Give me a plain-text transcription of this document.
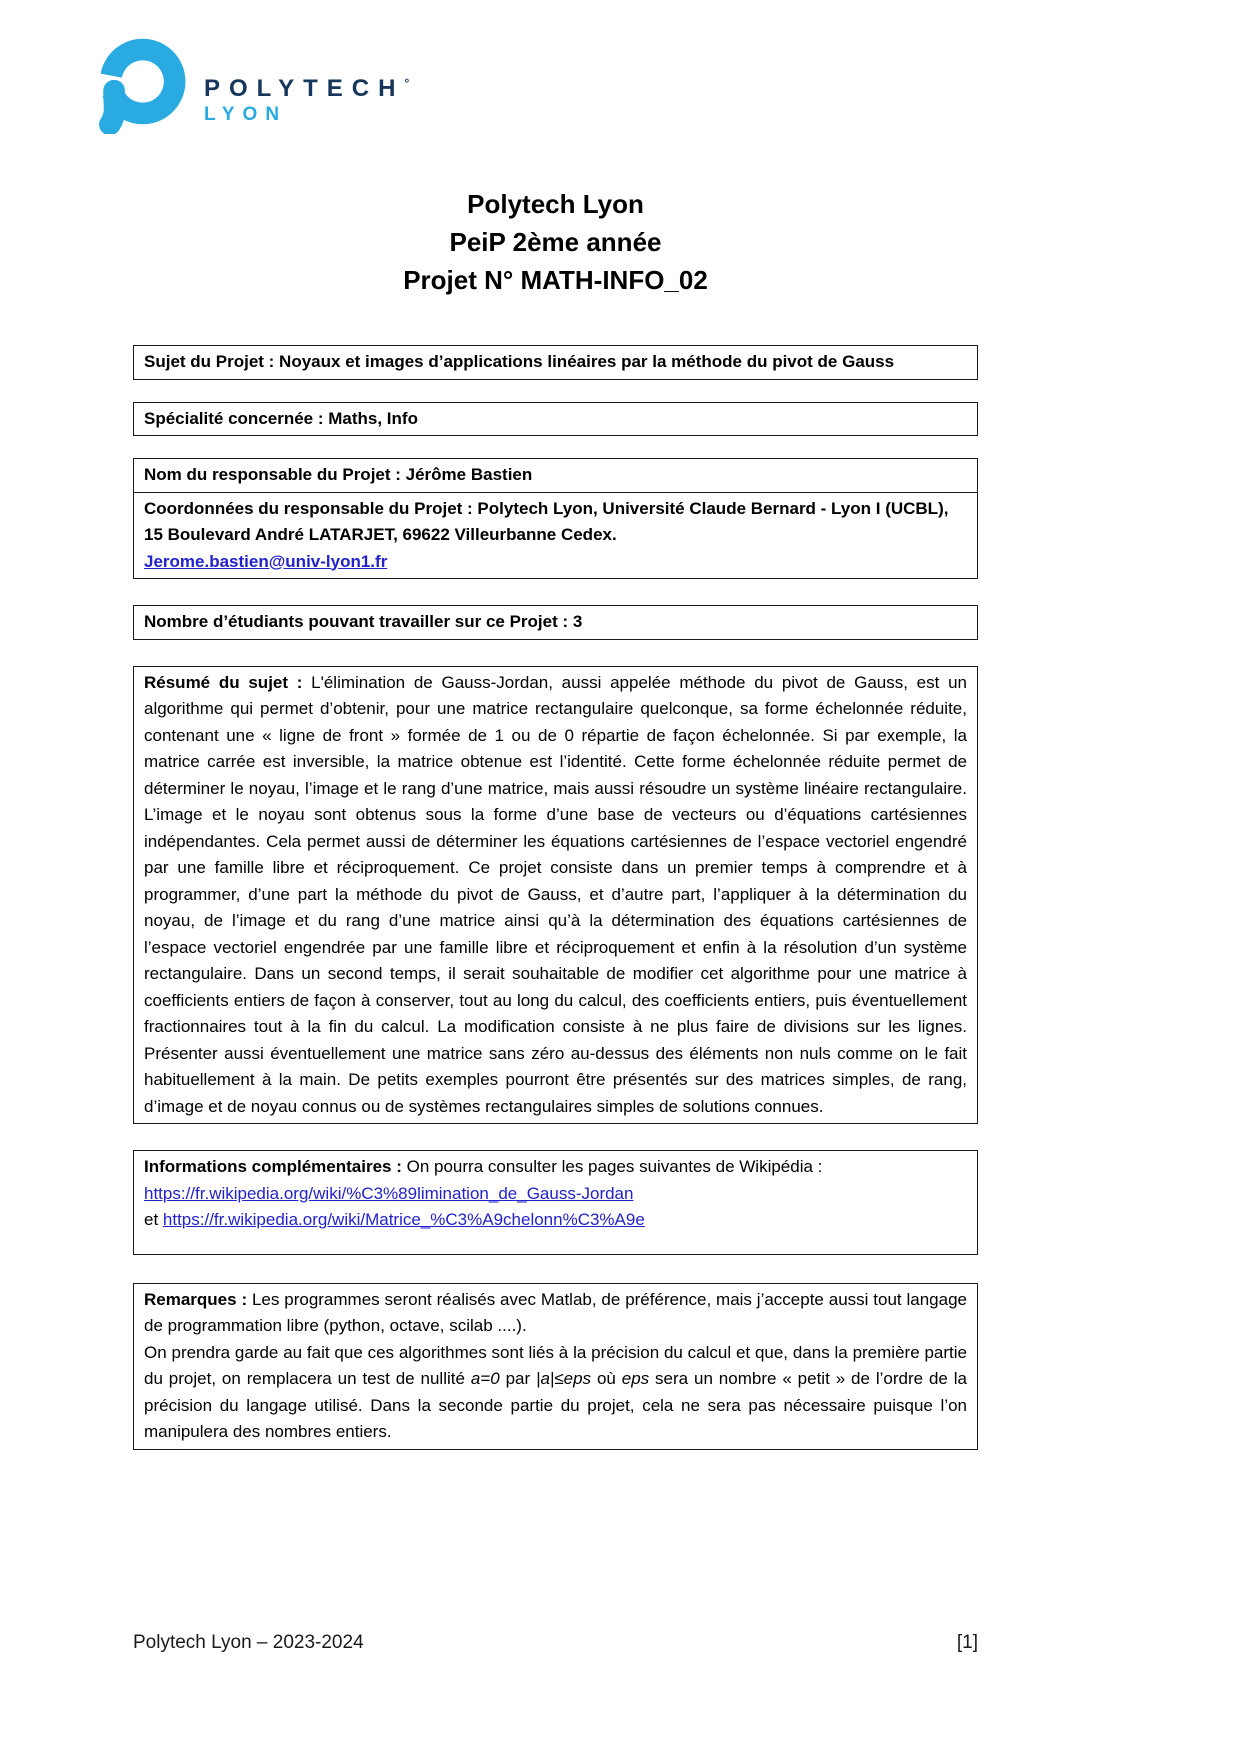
POLYTECH°
LYON
Polytech Lyon
PeiP 2ème année
Projet N° MATH-INFO_02

Sujet du Projet : Noyaux et images d’applications linéaires par la méthode du pivot de Gauss

Spécialité concernée : Maths, Info

Nom du responsable du Projet : Jérôme Bastien

Coordonnées du responsable du Projet : Polytech Lyon, Université Claude Bernard - Lyon I (UCBL), 15 Boulevard André LATARJET, 69622 Villeurbanne Cedex.
Jerome.bastien@univ-lyon1.fr

Nombre d’étudiants pouvant travailler sur ce Projet : 3

Résumé du sujet : L'élimination de Gauss-Jordan, aussi appelée méthode du pivot de Gauss, est un algorithme qui permet d’obtenir, pour une matrice rectangulaire quelconque, sa forme échelonnée réduite, contenant une « ligne de front » formée de 1 ou de 0 répartie de façon échelonnée. Si par exemple, la matrice carrée est inversible, la matrice obtenue est l’identité. Cette forme échelonnée réduite permet de déterminer le noyau, l’image et le rang d’une matrice, mais aussi résoudre un système linéaire rectangulaire. L’image et le noyau sont obtenus sous la forme d’une base de vecteurs ou d’équations cartésiennes indépendantes. Cela permet aussi de déterminer les équations cartésiennes de l’espace vectoriel engendré par une famille libre et réciproquement. Ce projet consiste dans un premier temps à comprendre et à programmer, d’une part la méthode du pivot de Gauss, et d’autre part, l’appliquer à la détermination du noyau, de l’image et du rang d’une matrice ainsi qu’à la détermination des équations cartésiennes de l’espace vectoriel engendrée par une famille libre et réciproquement et enfin à la résolution d’un système rectangulaire. Dans un second temps, il serait souhaitable de modifier cet algorithme pour une matrice à coefficients entiers de façon à conserver, tout au long du calcul, des coefficients entiers, puis éventuellement fractionnaires tout à la fin du calcul. La modification consiste à ne plus faire de divisions sur les lignes. Présenter aussi éventuellement une matrice sans zéro au-dessus des éléments non nuls comme on le fait habituellement à la main. De petits exemples pourront être présentés sur des matrices simples, de rang, d’image et de noyau connus ou de systèmes rectangulaires simples de solutions connues.

Informations complémentaires : On pourra consulter les pages suivantes de Wikipédia :
https://fr.wikipedia.org/wiki/%C3%89limination_de_Gauss-Jordan
et https://fr.wikipedia.org/wiki/Matrice_%C3%A9chelonn%C3%A9e

Remarques : Les programmes seront réalisés avec Matlab, de préférence, mais j’accepte aussi tout langage de programmation libre (python, octave, scilab ....).
On prendra garde au fait que ces algorithmes sont liés à la précision du calcul et que, dans la première partie du projet, on remplacera un test de nullité a=0 par |a|≤eps où eps sera un nombre « petit » de l’ordre de la précision du langage utilisé. Dans la seconde partie du projet, cela ne sera pas nécessaire puisque l’on manipulera des nombres entiers.

Polytech Lyon – 2023-2024	[1]
